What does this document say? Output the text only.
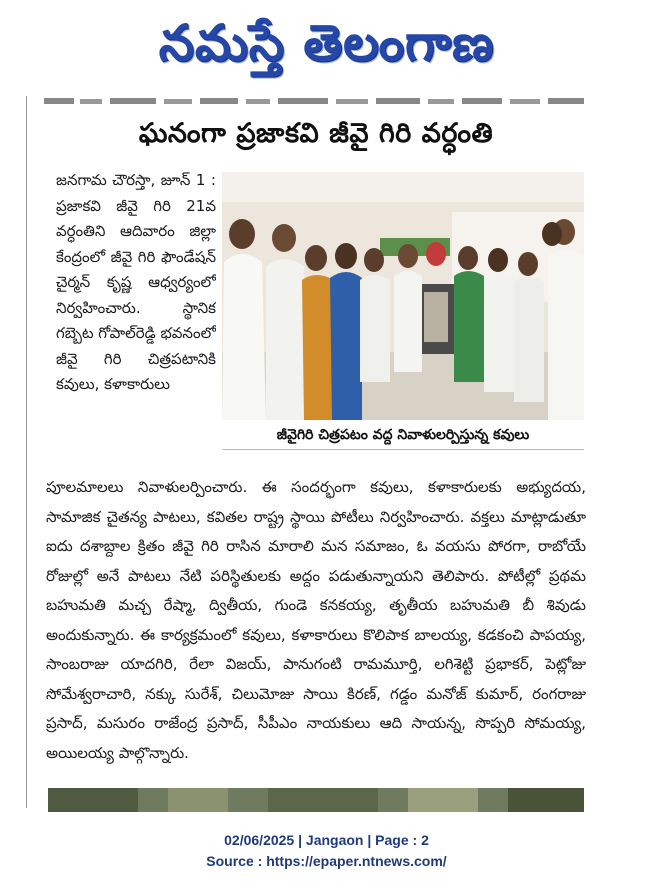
నమస్తే తెలంగాణ
ఘనంగా ప్రజాకవి జీవై గిరి వర్ధంతి
జనగామ చౌరస్తా, జూన్ 1 : ప్రజాకవి జీవై గిరి 21వ వర్ధంతిని ఆదివారం జిల్లా కేంద్రంలో జీవై గిరి ఫౌండేషన్ చైర్మన్ కృష్ణ ఆధ్వర్యంలో నిర్వహించారు. స్థానిక గబ్బెట గోపాల్‌రెడ్డి భవనంలో జీవై గిరి చిత్రపటానికి కవులు, కళాకారులు
జీవైగిరి చిత్రపటం వద్ద నివాళులర్పిస్తున్న కవులు
పూలమాలలు నివాళులర్పించారు. ఈ సందర్భంగా కవులు, కళాకారులకు అభ్యుదయ, సామాజిక చైతన్య పాటలు, కవితల రాష్ట్ర స్థాయి పోటీలు నిర్వహించారు. వక్తలు మాట్లాడుతూ ఐదు దశాబ్దాల క్రితం జీవై గిరి రాసిన మారాలి మన సమాజం, ఓ వయసు పోరగా, రాబోయే రోజుల్లో అనే పాటలు నేటి పరిస్థితులకు అద్దం పడుతున్నాయని తెలిపారు. పోటీల్లో ప్రథమ బహుమతి మచ్చ రేష్మా, ద్వితీయ, గుండె కనకయ్య, తృతీయ బహుమతి బీ శివుడు అందుకున్నారు. ఈ కార్యక్రమంలో కవులు, కళాకారులు కొలిపాక బాలయ్య, కడకంచి పాపయ్య, సాంబరాజు యాదగిరి, రేలా విజయ్, పానుగంటి రామమూర్తి, లగిశెట్టి ప్రభాకర్, పెట్లోజు సోమేశ్వరాచారి, నక్కు సురేశ్, చిలుమోజు సాయి కిరణ్, గడ్డం మనోజ్ కుమార్, రంగరాజు ప్రసాద్, మసురం రాజేంద్ర ప్రసాద్, సీపీఎం నాయకులు ఆది సాయన్న, సొప్పరి సోమయ్య, అయిలయ్య పాల్గొన్నారు.
02/06/2025 | Jangaon | Page : 2
Source : https://epaper.ntnews.com/
